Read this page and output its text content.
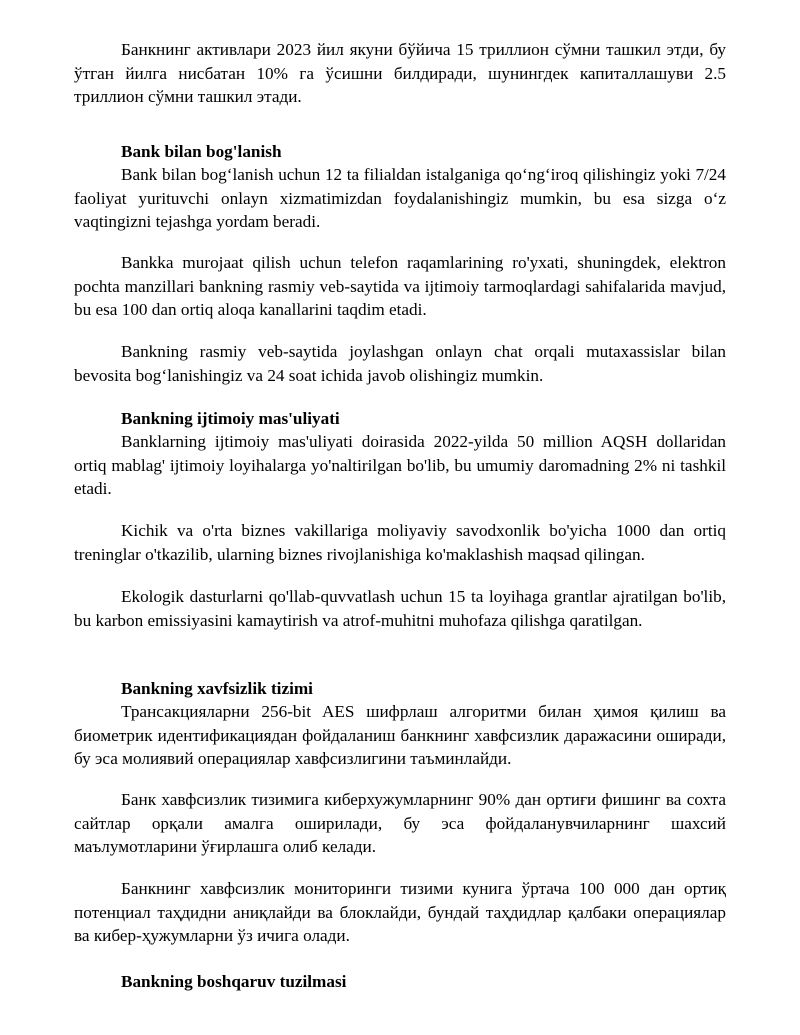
Банкнинг активлари 2023 йил якуни бўйича 15 триллион сўмни ташкил этди, бу ўтган йилга нисбатан 10% га ўсишни билдиради, шунингдек капиталлашуви 2.5 триллион сўмни ташкил этади.

Bank bilan bog'lanish

Bank bilan bog‘lanish uchun 12 ta filialdan istalganiga qo‘ng‘iroq qilishingiz yoki 7/24 faoliyat yurituvchi onlayn xizmatimizdan foydalanishingiz mumkin, bu esa sizga o‘z vaqtingizni tejashga yordam beradi.

Bankka murojaat qilish uchun telefon raqamlarining ro'yxati, shuningdek, elektron pochta manzillari bankning rasmiy veb-saytida va ijtimoiy tarmoqlardagi sahifalarida mavjud, bu esa 100 dan ortiq aloqa kanallarini taqdim etadi.

Bankning rasmiy veb-saytida joylashgan onlayn chat orqali mutaxassislar bilan bevosita bog‘lanishingiz va 24 soat ichida javob olishingiz mumkin.

Bankning ijtimoiy mas'uliyati

Banklarning ijtimoiy mas'uliyati doirasida 2022-yilda 50 million AQSH dollaridan ortiq mablag' ijtimoiy loyihalarga yo'naltirilgan bo'lib, bu umumiy daromadning 2% ni tashkil etadi.

Kichik va o'rta biznes vakillariga moliyaviy savodxonlik bo'yicha 1000 dan ortiq treninglar o'tkazilib, ularning biznes rivojlanishiga ko'maklashish maqsad qilingan.

Ekologik dasturlarni qo'llab-quvvatlash uchun 15 ta loyihaga grantlar ajratilgan bo'lib, bu karbon emissiyasini kamaytirish va atrof-muhitni muhofaza qilishga qaratilgan.

Bankning xavfsizlik tizimi

Трансакцияларни 256-bit AES шифрлаш алгоритми билан ҳимоя қилиш ва биометрик идентификациядан фойдаланиш банкнинг хавфсизлик даражасини оширади, бу эса молиявий операциялар хавфсизлигини таъминлайди.

Банк хавфсизлик тизимига киберхужумларнинг 90% дан ортиғи фишинг ва сохта сайтлар орқали амалга оширилади, бу эса фойдаланувчиларнинг шахсий маълумотларини ўғирлашга олиб келади.

Банкнинг хавфсизлик мониторинги тизими кунига ўртача 100 000 дан ортиқ потенциал таҳдидни аниқлайди ва блоклайди, бундай таҳдидлар қалбаки операциялар ва кибер-ҳужумларни ўз ичига олади.

Bankning boshqaruv tuzilmasi
